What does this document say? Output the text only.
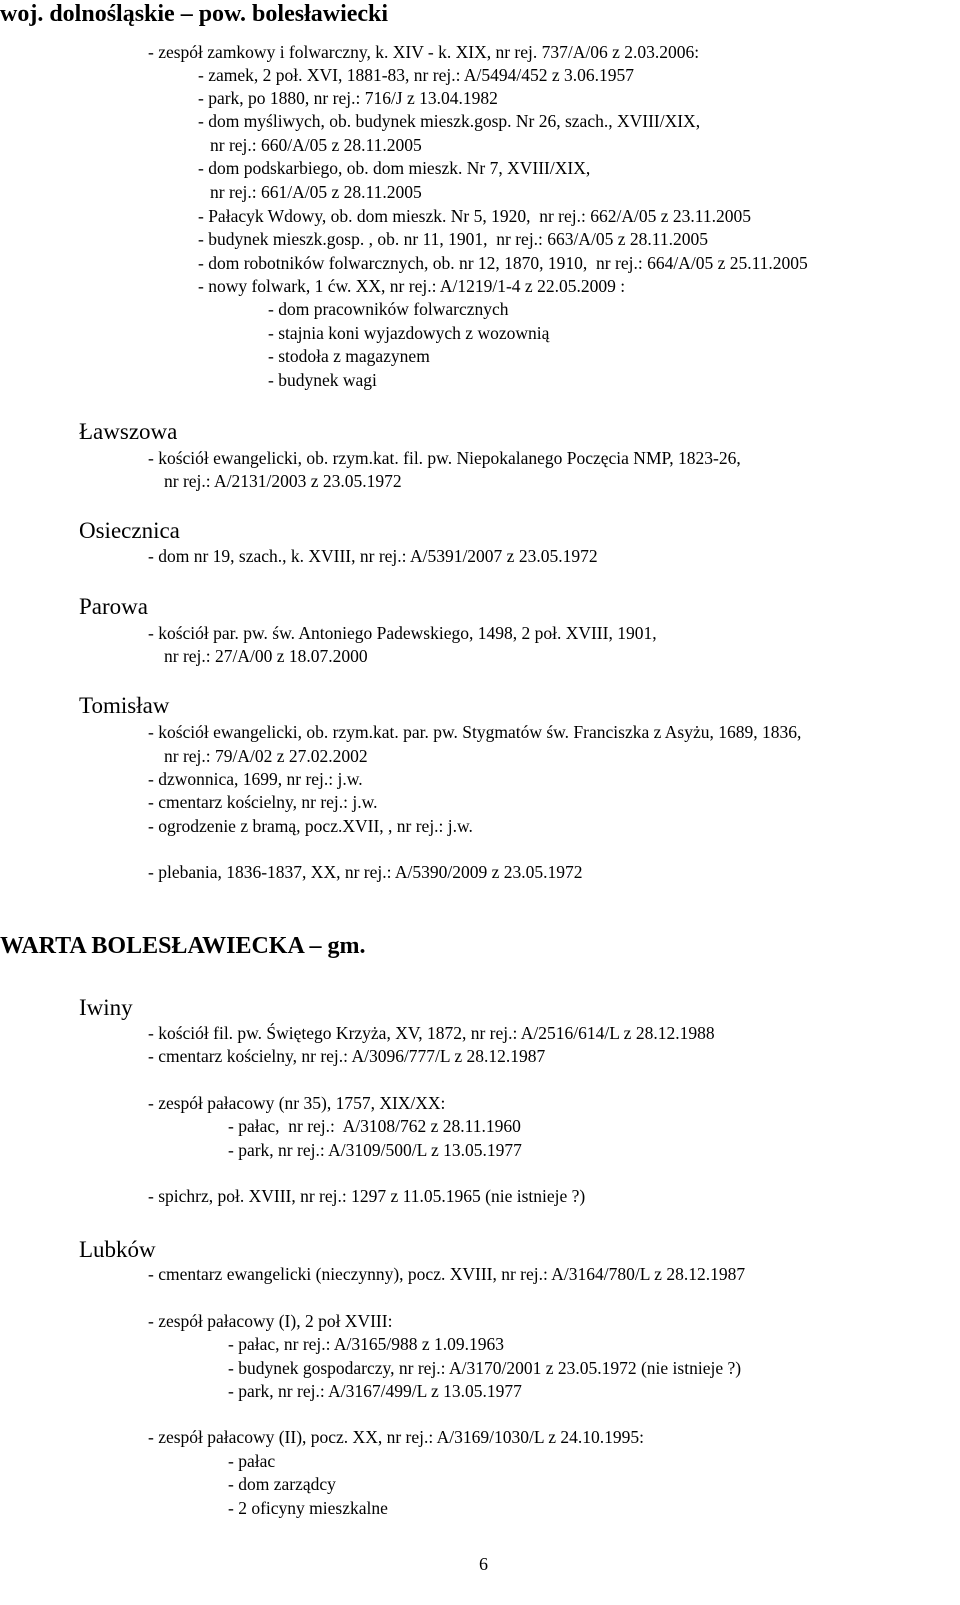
woj. dolnośląskie – pow. bolesławiecki
- zespół zamkowy i folwarczny, k. XIV - k. XIX, nr rej. 737/A/06 z 2.03.2006:
- zamek, 2 poł. XVI, 1881-83, nr rej.: A/5494/452 z 3.06.1957
- park, po 1880, nr rej.: 716/J z 13.04.1982
- dom myśliwych, ob. budynek mieszk.gosp. Nr 26, szach., XVIII/XIX,
nr rej.: 660/A/05 z 28.11.2005
- dom podskarbiego, ob. dom mieszk. Nr 7, XVIII/XIX,
nr rej.: 661/A/05 z 28.11.2005
- Pałacyk Wdowy, ob. dom mieszk. Nr 5, 1920,  nr rej.: 662/A/05 z 23.11.2005
- budynek mieszk.gosp. , ob. nr 11, 1901,  nr rej.: 663/A/05 z 28.11.2005
- dom robotników folwarcznych, ob. nr 12, 1870, 1910,  nr rej.: 664/A/05 z 25.11.2005
- nowy folwark, 1 ćw. XX, nr rej.: A/1219/1-4 z 22.05.2009 :
- dom pracowników folwarcznych
- stajnia koni wyjazdowych z wozownią
- stodoła z magazynem
- budynek wagi
Ławszowa
- kościół ewangelicki, ob. rzym.kat. fil. pw. Niepokalanego Poczęcia NMP, 1823-26,
nr rej.: A/2131/2003 z 23.05.1972
Osiecznica
- dom nr 19, szach., k. XVIII, nr rej.: A/5391/2007 z 23.05.1972
Parowa
- kościół par. pw. św. Antoniego Padewskiego, 1498, 2 poł. XVIII, 1901,
nr rej.: 27/A/00 z 18.07.2000
Tomisław
- kościół ewangelicki, ob. rzym.kat. par. pw. Stygmatów św. Franciszka z Asyżu, 1689, 1836,
nr rej.: 79/A/02 z 27.02.2002
- dzwonnica, 1699, nr rej.: j.w.
- cmentarz kościelny, nr rej.: j.w.
- ogrodzenie z bramą, pocz.XVII, , nr rej.: j.w.
- plebania, 1836-1837, XX, nr rej.: A/5390/2009 z 23.05.1972
WARTA BOLESŁAWIECKA – gm.
Iwiny
- kościół fil. pw. Świętego Krzyża, XV, 1872, nr rej.: A/2516/614/L z 28.12.1988
- cmentarz kościelny, nr rej.: A/3096/777/L z 28.12.1987
- zespół pałacowy (nr 35), 1757, XIX/XX:
- pałac,  nr rej.:  A/3108/762 z 28.11.1960
- park, nr rej.: A/3109/500/L z 13.05.1977
- spichrz, poł. XVIII, nr rej.: 1297 z 11.05.1965 (nie istnieje ?)
Lubków
- cmentarz ewangelicki (nieczynny), pocz. XVIII, nr rej.: A/3164/780/L z 28.12.1987
- zespół pałacowy (I), 2 poł XVIII:
- pałac, nr rej.: A/3165/988 z 1.09.1963
- budynek gospodarczy, nr rej.: A/3170/2001 z 23.05.1972 (nie istnieje ?)
- park, nr rej.: A/3167/499/L z 13.05.1977
- zespół pałacowy (II), pocz. XX, nr rej.: A/3169/1030/L z 24.10.1995:
- pałac
- dom zarządcy
- 2 oficyny mieszkalne
6
